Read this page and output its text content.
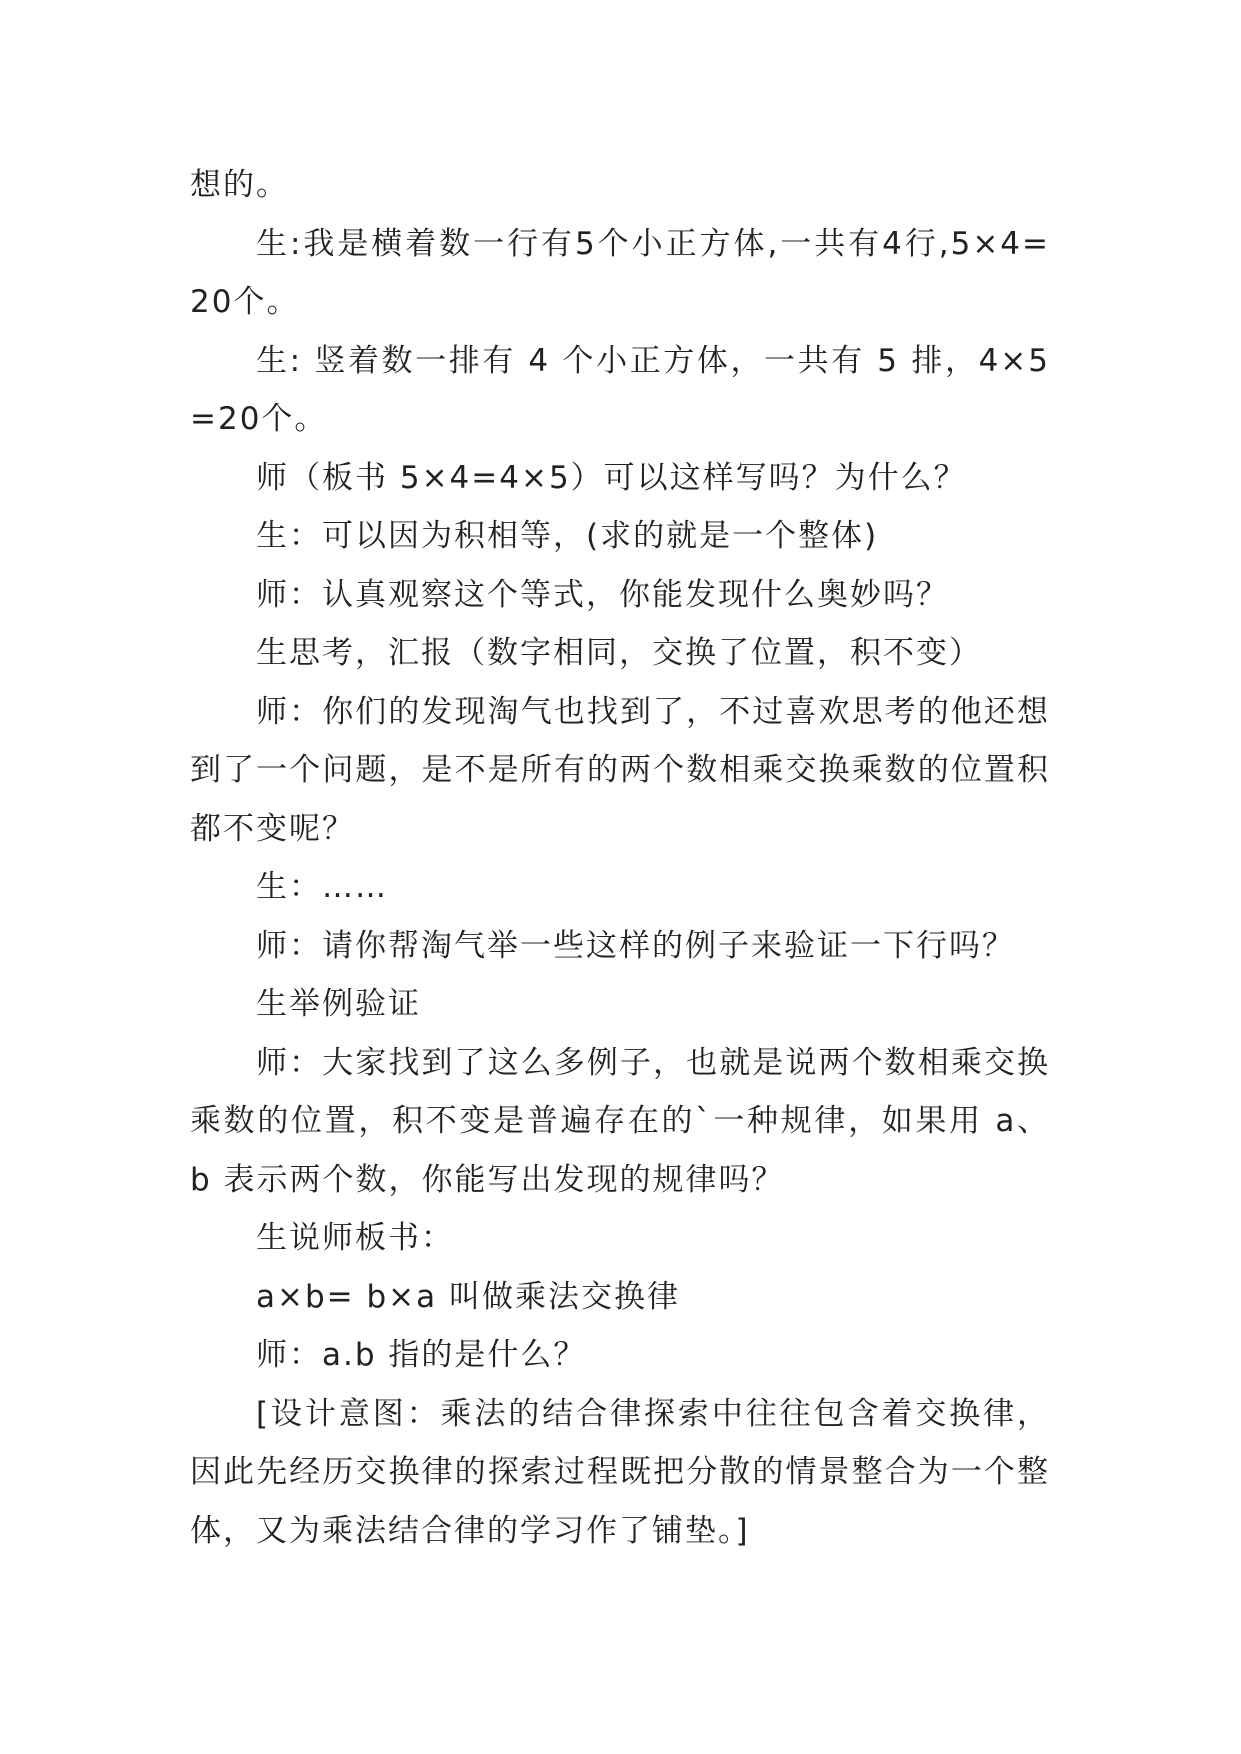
想的。

生:我是横着数一行有5个小正方体,一共有4行,5×4=20个。

生: 竖着数一排有 4 个小正方体，一共有 5 排，4×5=20个。

师（板书 5×4=4×5）可以这样写吗？为什么？

生：可以因为积相等，(求的就是一个整体)

师：认真观察这个等式，你能发现什么奥妙吗？

生思考，汇报（数字相同，交换了位置，积不变）

师：你们的发现淘气也找到了，不过喜欢思考的他还想到了一个问题，是不是所有的两个数相乘交换乘数的位置积都不变呢？

生：……

师：请你帮淘气举一些这样的例子来验证一下行吗？

生举例验证

师：大家找到了这么多例子，也就是说两个数相乘交换乘数的位置，积不变是普遍存在的`一种规律，如果用 a、b 表示两个数，你能写出发现的规律吗？

生说师板书：

a×b= b×a 叫做乘法交换律

师：a.b 指的是什么？

[设计意图：乘法的结合律探索中往往包含着交换律，因此先经历交换律的探索过程既把分散的情景整合为一个整体，又为乘法结合律的学习作了铺垫。]
